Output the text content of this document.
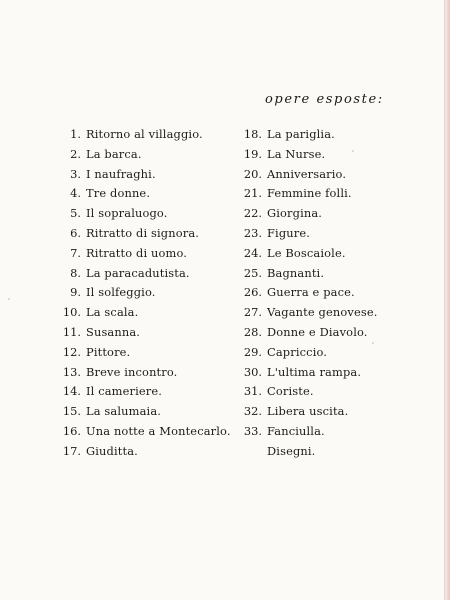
opere esposte:
1. Ritorno al villaggio.
2. La barca.
3. I naufraghi.
4. Tre donne.
5. Il sopraluogo.
6. Ritratto di signora.
7. Ritratto di uomo.
8. La paracadutista.
9. Il solfeggio.
10. La scala.
11. Susanna.
12. Pittore.
13. Breve incontro.
14. Il cameriere.
15. La salumaia.
16. Una notte a Montecarlo.
17. Giuditta.
18. La pariglia.
19. La Nurse.
20. Anniversario.
21. Femmine folli.
22. Giorgina.
23. Figure.
24. Le Boscaiole.
25. Bagnanti.
26. Guerra e pace.
27. Vagante genovese.
28. Donne e Diavolo.
29. Capriccio.
30. L'ultima rampa.
31. Coriste.
32. Libera uscita.
33. Fanciulla.
Disegni.
